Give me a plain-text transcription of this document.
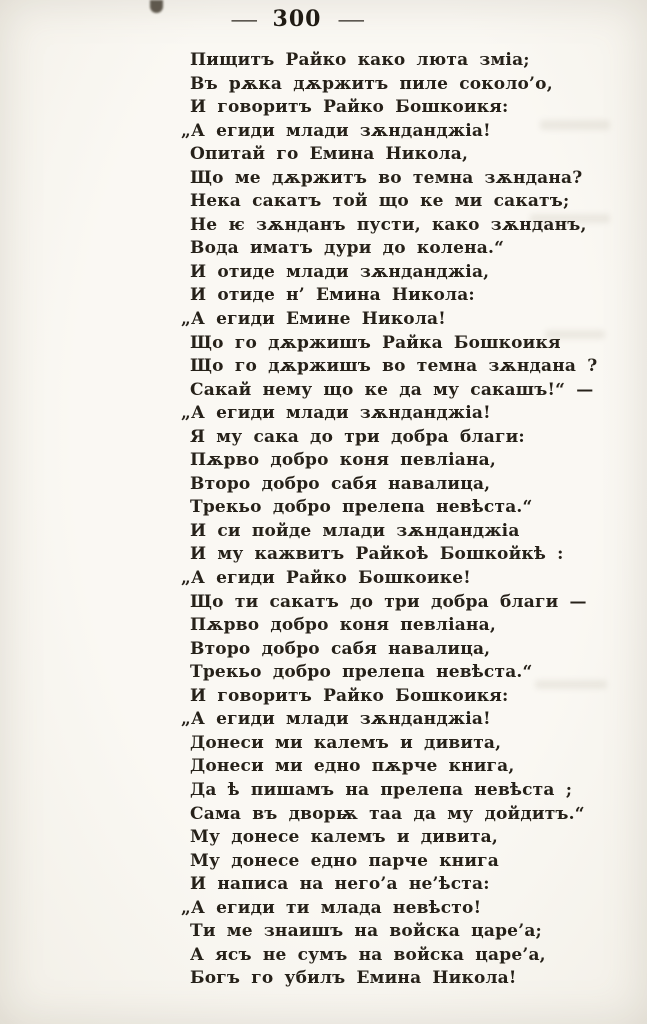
— 300 —
Пищитъ Райко како люта зміа;
Въ рѫка дѫржитъ пиле соколо’о,
И говоритъ Райко Бошкоикя:
„А егиди млади зѫнданджіа!
Опитай го Емина Никола,
Що ме дѫржитъ во темна зѫндана?
Нека сакатъ той що ке ми сакатъ;
Не ѥ зѫнданъ пусти, како зѫнданъ,
Вода иматъ дури до колена.“
И отиде млади зѫнданджіа,
И отиде н’ Емина Никола:
„А егиди Емине Никола!
Що го дѫржишъ Райка Бошкоикя
Що го дѫржишъ во темна зѫндана ?
Сакай нему що ке да му сакашъ!“ —
„А егиди млади зѫнданджіа!
Я му сака до три добра благи:
Пѫрво добро коня певліана,
Второ добро сабя навалица,
Трекьо добро прелепа невѣста.“
И си пойде млади зѫнданджіа
И му кажвитъ Райкоѣ Бошкойкѣ :
„А егиди Райко Бошкоике!
Що ти сакатъ до три добра благи —
Пѫрво добро коня певліана,
Второ добро сабя навалица,
Трекьо добро прелепа невѣста.“
И говоритъ Райко Бошкоикя:
„А егиди млади зѫнданджіа!
Донеси ми калемъ и дивита,
Донеси ми едно пѫрче книга,
Да ѣ пишамъ на прелепа невѣста ;
Сама въ дворѭ таа да му дойдитъ.“
Му донесе калемъ и дивита,
Му донесе едно парче книга
И написа на него’а не’ѣста:
„А егиди ти млада невѣсто!
Ти ме знаишъ на войска царе’а;
А ясъ не сумъ на войска царе’а,
Богъ го убилъ Емина Никола!
